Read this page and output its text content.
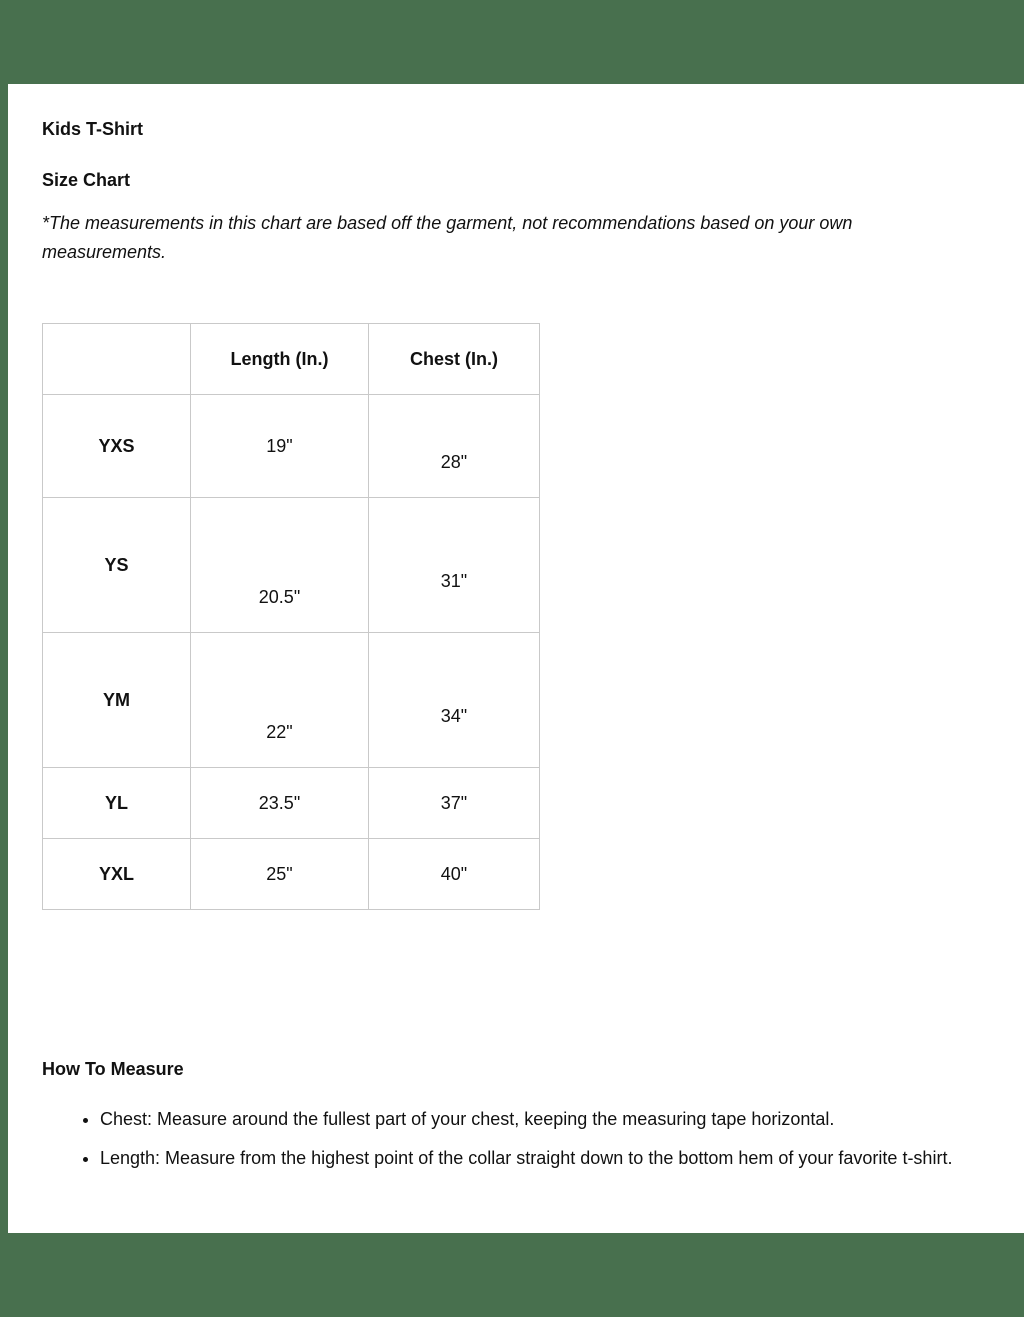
Kids T-Shirt

Size Chart

*The measurements in this chart are based off the garment, not recommendations based on your own measurements.

	Length (In.)	Chest (In.)

YXS	19"	28"

YS	20.5"	31"

YM	22"	34"

YL	23.5"	37"

YXL	25"	40"

How To Measure

• Chest: Measure around the fullest part of your chest, keeping the measuring tape horizontal.
• Length: Measure from the highest point of the collar straight down to the bottom hem of your favorite t-shirt.
